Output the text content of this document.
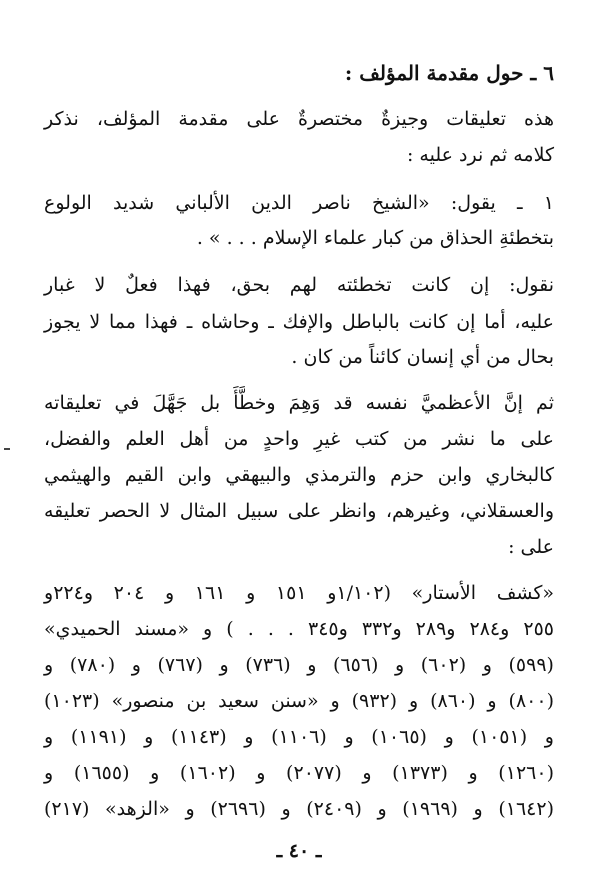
٦ ـ حول مقدمة المؤلف :
هذه تعليقات وجيزةٌ مختصرةٌ على مقدمة المؤلف، نذكر
كلامه ثم نرد عليه :
١ ـ يقول: «الشيخ ناصر الدين الألباني شديد الولوع
بتخطئةِ الحذاق من كبار علماء الإسلام . . . » .
نقول: إن كانت تخطئته لهم بحق، فهذا فعلٌ لا غبار
عليه، أما إن كانت بالباطل والإفك ـ وحاشاه ـ فهذا مما لا يجوز
بحال من أي إنسان كائناً من كان .
ثم إنَّ الأعظميَّ نفسه قد وَهِمَ وخطَّأَ بل جَهَّلَ في تعليقاته
على ما نشر من كتب غيرِ واحدٍ من أهل العلم والفضل،
كالبخاري وابن حزم والترمذي والبيهقي وابن القيم والهيثمي
والعسقلاني، وغيرهم، وانظر على سبيل المثال لا الحصر تعليقه
على :
«كشف الأستار» (١/١٠٢و ١٥١ و ١٦١ و ٢٠٤ و٢٢٤و
٢٥٥ و٢٨٤ و٢٨٩ و٣٣٢ و٣٤٥ . . . ) و «مسند الحميدي»
(٥٩٩) و (٦٠٢) و (٦٥٦) و (٧٣٦) و (٧٦٧) و (٧٨٠) و
(٨٠٠) و (٨٦٠) و (٩٣٢) و «سنن سعيد بن منصور» (١٠٢٣)
و (١٠٥١) و (١٠٦٥) و (١١٠٦) و (١١٤٣) و (١١٩١) و
(١٢٦٠) و (١٣٧٣) و (٢٠٧٧) و (١٦٠٢) و (١٦٥٥) و
(١٦٤٢) و (١٩٦٩) و (٢٤٠٩) و (٢٦٩٦) و «الزهد» (٢١٧)
ـ ٤٠ ـ
